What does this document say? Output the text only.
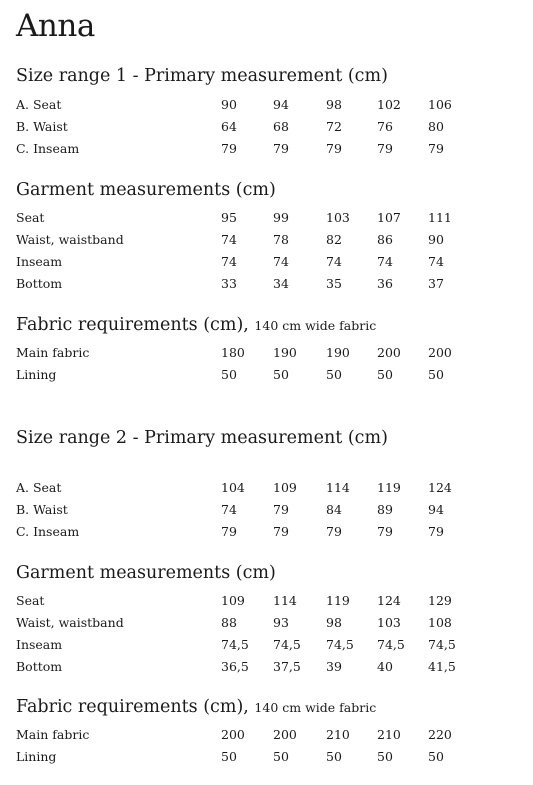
Anna
Size range 1 - Primary measurement (cm)
A. Seat	90	94	98	102 106
B. Waist	64	68	72	76	80
C. Inseam	79	79	79	79	79
Garment measurements (cm)
Seat	95	99	103 107 111
Waist, waistband	74	78	82	86	90
Inseam	74	74	74	74	74
Bottom	33	34	35	36	37
Fabric requirements (cm), 140 cm wide fabric
Main fabric	180 190 190 200 200
Lining	50	50	50	50	50
Size range 2 - Primary measurement (cm)
A. Seat	104 109 114 119 124
B. Waist	74	79	84	89	94
C. Inseam	79	79	79	79	79
Garment measurements (cm)
Seat	109 114 119 124 129
Waist, waistband	88	93	98	103 108
Inseam	74,5 74,5 74,5 74,5 74,5
Bottom	36,5 37,5 39	40	41,5
Fabric requirements (cm), 140 cm wide fabric
Main fabric	200 200 210 210 220
Lining	50	50	50	50	50
